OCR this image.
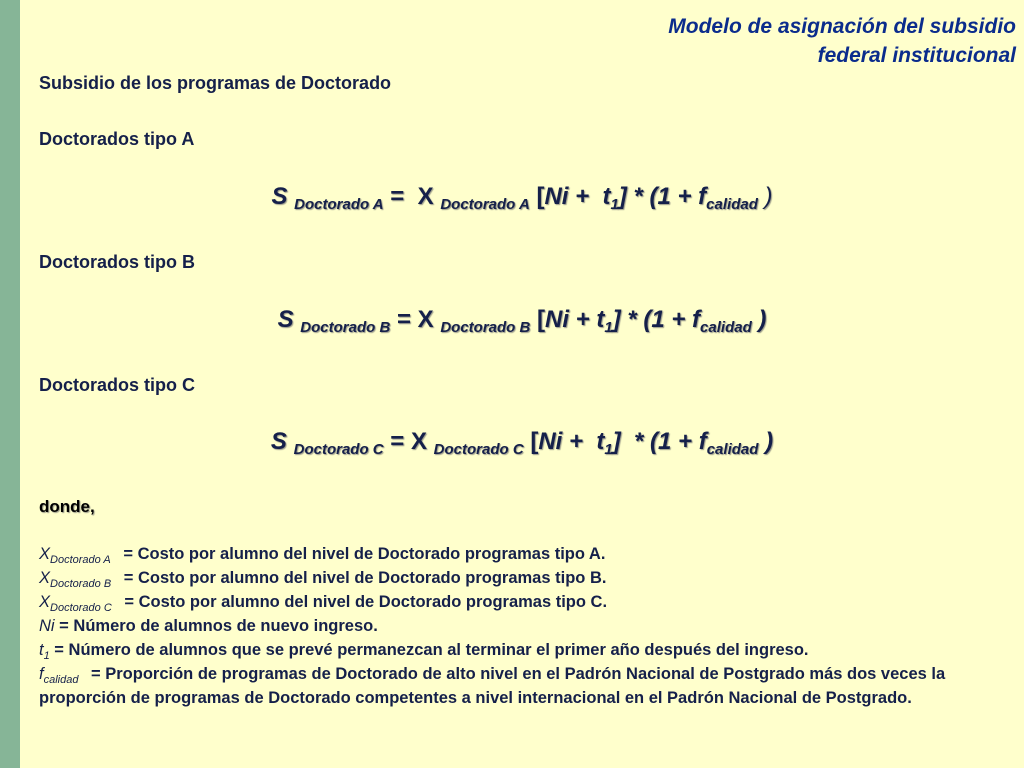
Modelo de asignación del subsidio
federal institucional
Subsidio de los programas de Doctorado
Doctorados tipo A
S $_{Doctorado A}$ =  X $_{Doctorado A}$ $[Ni + t_1] * (1 + f_{calidad}$ )
Doctorados tipo B
S $_{Doctorado B}$ = X $_{Doctorado B}$ $[Ni + t_1] * (1 + f_{calidad}$ )
Doctorados tipo C
S $_{Doctorado C}$ = X $_{Doctorado C}$ $[Ni + t_1] * (1 + f_{calidad}$ )
donde,
$X_{Doctorado A}$ = Costo por alumno del nivel de Doctorado programas tipo A.
$X_{Doctorado B}$ = Costo por alumno del nivel de Doctorado programas tipo B.
$X_{Doctorado C}$ = Costo por alumno del nivel de Doctorado programas tipo C.
Ni = Número de alumnos de nuevo ingreso.
$t_1$ = Número de alumnos que se prevé permanezcan al terminar el primer año después del ingreso.
$f_{calidad}$ = Proporción de programas de Doctorado de alto nivel en el Padrón Nacional de Postgrado más dos veces la proporción de programas de Doctorado competentes a nivel internacional en el Padrón Nacional de Postgrado.
